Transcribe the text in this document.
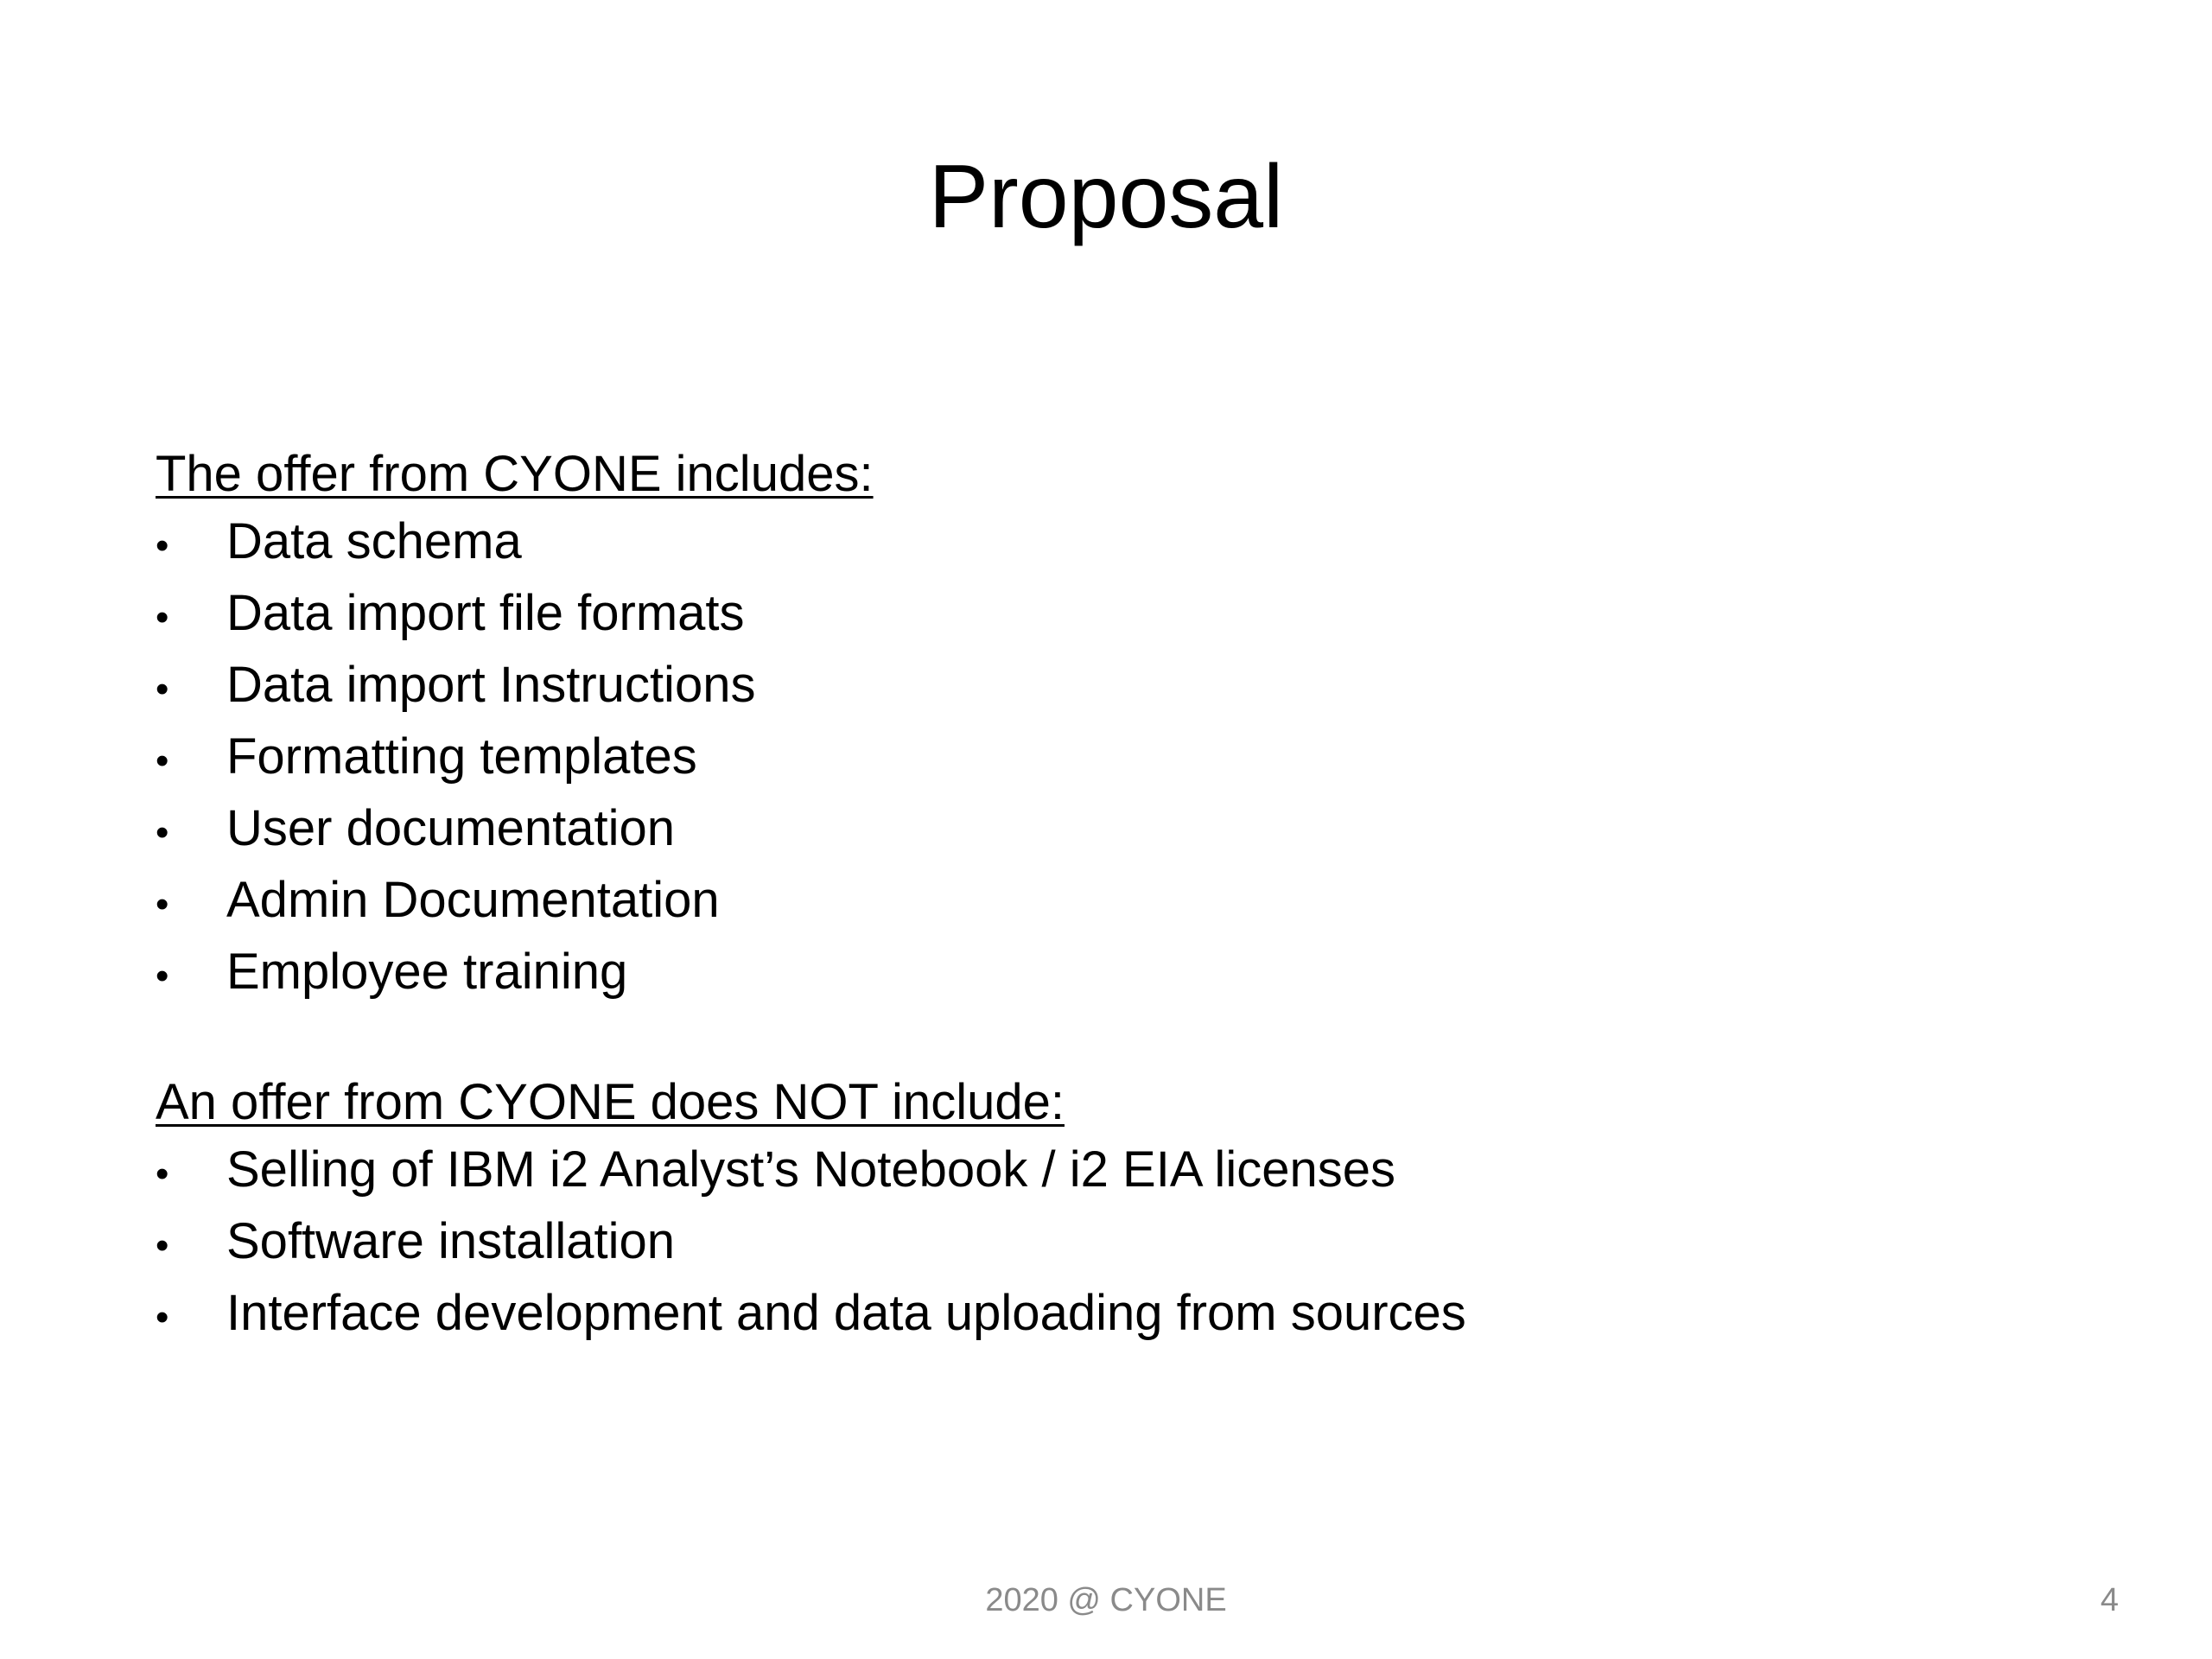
Proposal

The offer from CYONE includes:

•	Data schema
•	Data import file formats
•	Data import Instructions
•	Formatting templates
•	User documentation
•	Admin Documentation
•	Employee training

An offer from CYONE does NOT include:

•	Selling of IBM i2 Analyst’s Notebook / i2 EIA licenses
•	Software installation
•	Interface development and data uploading from sources
2020 @ CYONE	4
